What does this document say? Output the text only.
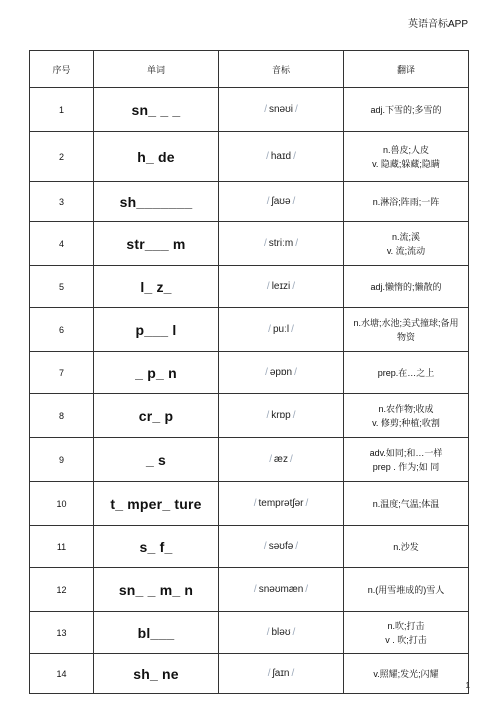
英语音标APP
序号	单词	音标	翻译
1	sn_ _ _	/ snəʊi /	adj.下雪的;多雪的

2	h_ de	/ haɪd /	n.兽皮;人皮
v. 隐藏;躲藏;隐瞒

3	sh_______	/ ʃaʊə /	n.淋浴;阵雨;一阵

4	str___ m	/ striːm /	n.流;溪
v. 流;流动

5	l_ z_	/ leɪzi /	adj.懒惰的;懒散的

6	p___ l	/ puːl /	n.水塘;水池;美式撞球;备用
物资

7	_ p_ n	/ əpɒn /	prep.在…之上

8	cr_ p	/ krɒp /	n.农作物;收成
v. 修剪;种植;收割

9	_ s	/ æz /	adv.如同;和…一样
prep . 作为;如 同

10	t_ mper_ ture	/ temprətʃər /	n.温度;气温;体温

11	s_ f_	/ səʊfə /	n.沙发

12	sn_ _ m_ n	/ snəʊmæn /	n.(用雪堆成的)雪人

13	bl___	/ bləʊ /	n.吹;打击
v . 吹;打击

14	sh_ ne	/ ʃaɪn /	v.照耀;发光;闪耀
1
